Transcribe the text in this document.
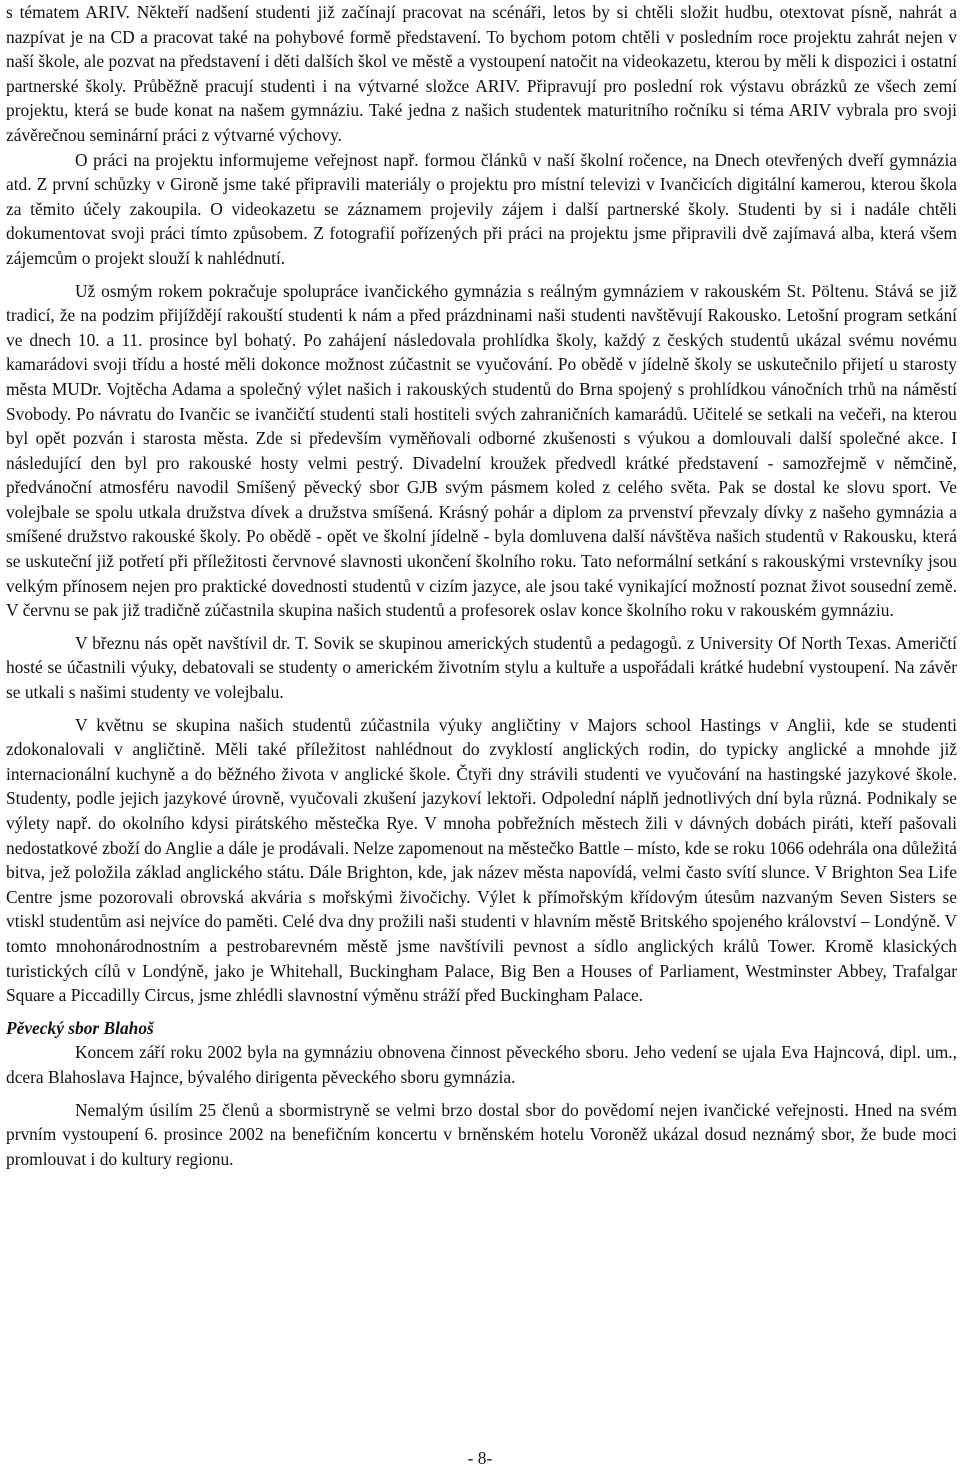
s tématem ARIV. Někteří nadšení studenti již začínají pracovat na scénáři, letos by si chtěli složit hudbu, otextovat písně, nahrát a nazpívat je na CD a pracovat také na pohybové formě představení. To bychom potom chtěli v posledním roce projektu zahrát nejen v naší škole, ale pozvat na představení i děti dalších škol ve městě a vystoupení natočit na videokazetu, kterou by měli k dispozici i ostatní partnerské školy. Průběžně pracují studenti i na výtvarné složce ARIV. Připravují pro poslední rok výstavu obrázků ze všech zemí projektu, která se bude konat na našem gymnáziu. Také jedna z našich studentek maturitního ročníku si téma ARIV vybrala pro svoji závěrečnou seminární práci z výtvarné výchovy.

O práci na projektu informujeme veřejnost např. formou článků v naší školní ročence, na Dnech otevřených dveří gymnázia atd. Z první schůzky v Gironě jsme také připravili materiály o projektu pro místní televizi v Ivančicích digitální kamerou, kterou škola za těmito účely zakoupila. O videokazetu se záznamem projevily zájem i další partnerské školy. Studenti by si i nadále chtěli dokumentovat svoji práci tímto způsobem. Z fotografií pořízených při práci na projektu jsme připravili dvě zajímavá alba, která všem zájemcům o projekt slouží k nahlédnutí.

Už osmým rokem pokračuje spolupráce ivančického gymnázia s reálným gymnáziem v rakouském St. Pöltenu. Stává se již tradicí, že na podzim přijíždějí rakouští studenti k nám a před prázdninami naši studenti navštěvují Rakousko. Letošní program setkání ve dnech 10. a 11. prosince byl bohatý. Po zahájení následovala prohlídka školy, každý z českých studentů ukázal svému novému kamarádovi svoji třídu a hosté měli dokonce možnost zúčastnit se vyučování. Po obědě v jídelně školy se uskutečnilo přijetí u starosty města MUDr. Vojtěcha Adama a společný výlet našich i rakouských studentů do Brna spojený s prohlídkou vánočních trhů na náměstí Svobody. Po návratu do Ivančic se ivančičtí studenti stali hostiteli svých zahraničních kamarádů. Učitelé se setkali na večeři, na kterou byl opět pozván i starosta města. Zde si především vyměňovali odborné zkušenosti s výukou a domlouvali další společné akce. I následující den byl pro rakouské hosty velmi pestrý. Divadelní kroužek předvedl krátké představení - samozřejmě v němčině, předvánoční atmosféru navodil Smíšený pěvecký sbor GJB svým pásmem koled z celého světa. Pak se dostal ke slovu sport. Ve volejbale se spolu utkala družstva dívek a družstva smíšená. Krásný pohár a diplom za prvenství převzaly dívky z našeho gymnázia a smíšené družstvo rakouské školy. Po obědě - opět ve školní jídelně - byla domluvena další návštěva našich studentů v Rakousku, která se uskuteční již potřetí při příležitosti červnové slavnosti ukončení školního roku. Tato neformální setkání s rakouskými vrstevníky jsou velkým přínosem nejen pro praktické dovednosti studentů v cizím jazyce, ale jsou také vynikající možností poznat život sousední země. V červnu se pak již tradičně zúčastnila skupina našich studentů a profesorek oslav konce školního roku v rakouském gymnáziu.

V březnu nás opět navštívil dr. T. Sovik se skupinou amerických studentů a pedagogů. z University Of North Texas. Američtí hosté se účastnili výuky, debatovali se studenty o americkém životním stylu a kultuře a uspořádali krátké hudební vystoupení. Na závěr se utkali s našimi studenty ve volejbalu.

V květnu se skupina našich studentů zúčastnila výuky angličtiny v Majors school Hastings v Anglii, kde se studenti zdokonalovali v angličtině. Měli také příležitost nahlédnout do zvyklostí anglických rodin, do typicky anglické a mnohde již internacionální kuchyně a do běžného života v anglické škole. Čtyři dny strávili studenti ve vyučování na hastingské jazykové škole. Studenty, podle jejich jazykové úrovně, vyučovali zkušení jazykoví lektoři. Odpolední náplň jednotlivých dní byla různá. Podnikaly se výlety např. do okolního kdysi pirátského městečka Rye. V mnoha pobřežních městech žili v dávných dobách piráti, kteří pašovali nedostatkové zboží do Anglie a dále je prodávali. Nelze zapomenout na městečko Battle – místo, kde se roku 1066 odehrála ona důležitá bitva, jež položila základ anglického státu. Dále Brighton, kde, jak název města napovídá, velmi často svítí slunce. V Brighton Sea Life Centre jsme pozorovali obrovská akvária s mořskými živočichy. Výlet k přímořským křídovým útesům nazvaným Seven Sisters se vtiskl studentům asi nejvíce do paměti. Celé dva dny prožili naši studenti v hlavním městě Britského spojeného království – Londýně. V tomto mnohonárodnostním a pestrobarevném městě jsme navštívili pevnost a sídlo anglických králů Tower. Kromě klasických turistických cílů v Londýně, jako je Whitehall, Buckingham Palace, Big Ben a Houses of Parliament, Westminster Abbey, Trafalgar Square a Piccadilly Circus, jsme zhlédli slavnostní výměnu stráží před Buckingham Palace.

Pěvecký sbor Blahoš

Koncem září roku 2002 byla na gymnáziu obnovena činnost pěveckého sboru. Jeho vedení se ujala Eva Hajncová, dipl. um., dcera Blahoslava Hajnce, bývalého dirigenta pěveckého sboru gymnázia.

Nemalým úsilím 25 členů a sbormistryně se velmi brzo dostal sbor do povědomí nejen ivančické veřejnosti. Hned na svém prvním vystoupení 6. prosince 2002 na benefičním koncertu v brněnském hotelu Voroněž ukázal dosud neznámý sbor, že bude moci promlouvat i do kultury regionu.

- 8-
